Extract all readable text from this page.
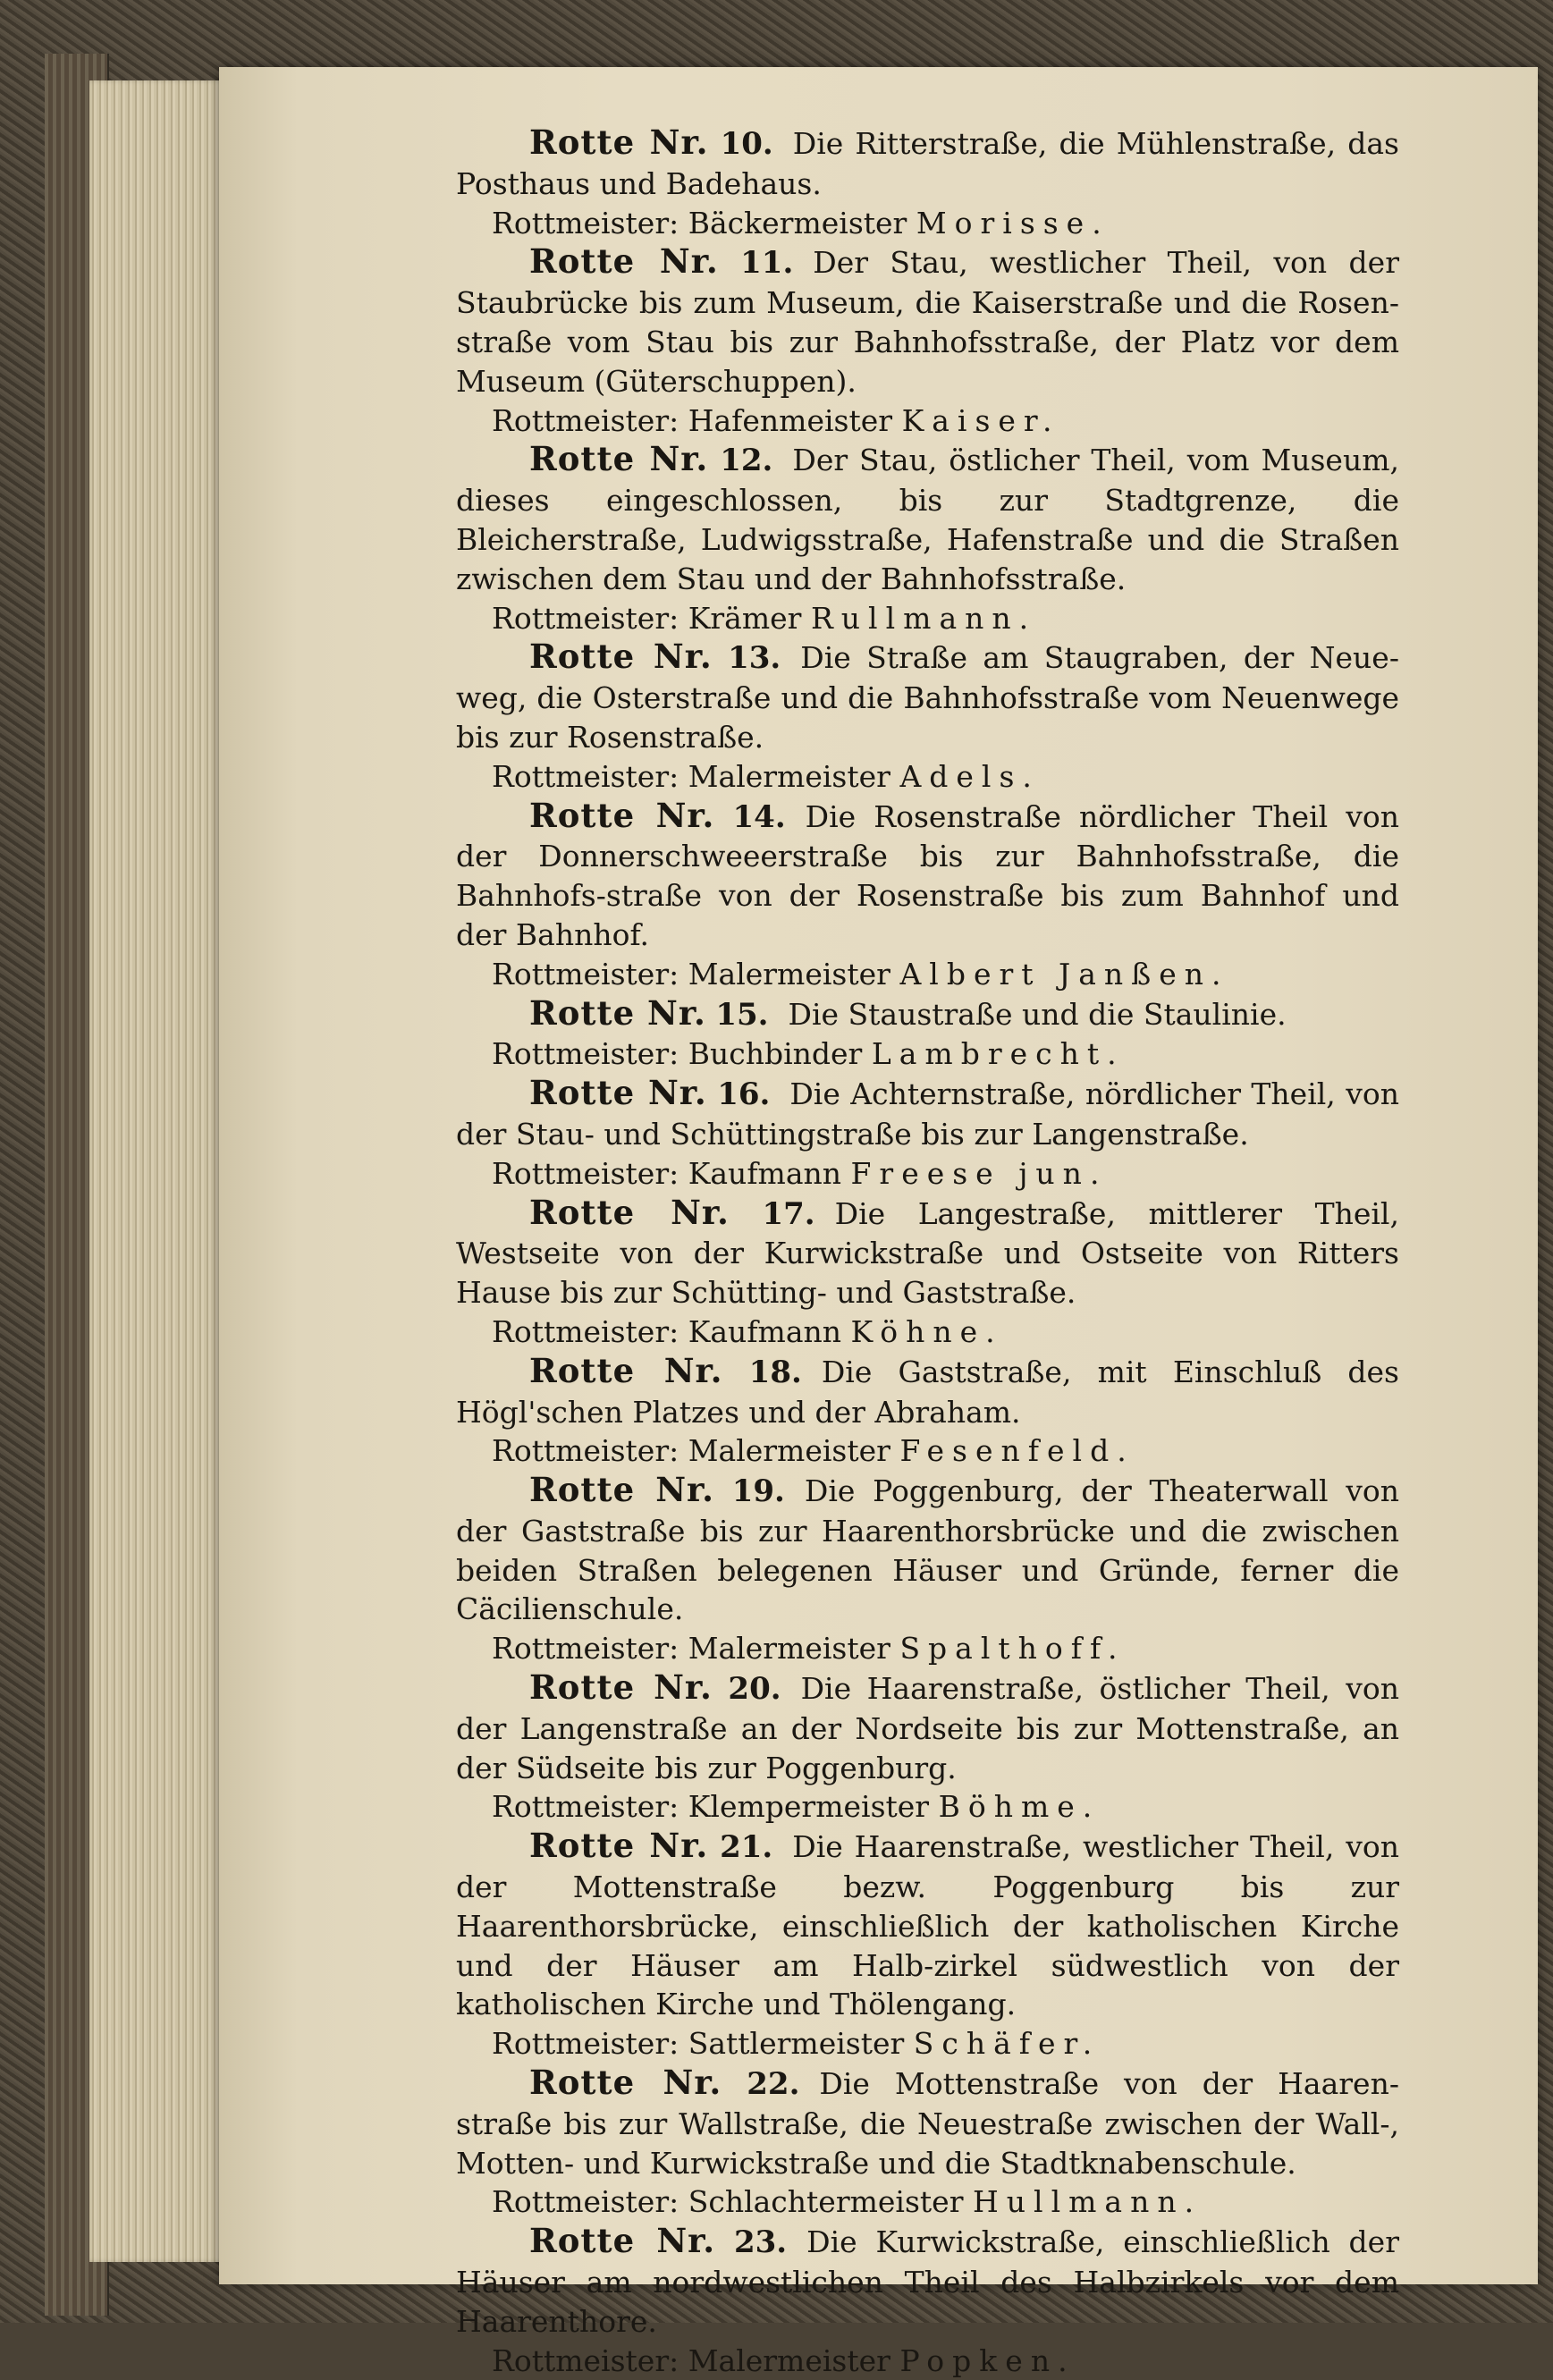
Rotte Nr. 10. Die Ritterstraße, die Mühlenstraße, das Posthaus und Badehaus.

Rottmeister: Bäckermeister Morisse.

Rotte Nr. 11. Der Stau, westlicher Theil, von der Staubrücke bis zum Museum, die Kaiserstraße und die Rosen-straße vom Stau bis zur Bahnhofsstraße, der Platz vor dem Museum (Güterschuppen).

Rottmeister: Hafenmeister Kaiser.

Rotte Nr. 12. Der Stau, östlicher Theil, vom Museum, dieses eingeschlossen, bis zur Stadtgrenze, die Bleicherstraße, Ludwigsstraße, Hafenstraße und die Straßen zwischen dem Stau und der Bahnhofsstraße.

Rottmeister: Krämer Rullmann.

Rotte Nr. 13. Die Straße am Staugraben, der Neue-weg, die Osterstraße und die Bahnhofsstraße vom Neuenwege bis zur Rosenstraße.

Rottmeister: Malermeister Adels.

Rotte Nr. 14. Die Rosenstraße nördlicher Theil von der Donnerschweeerstraße bis zur Bahnhofsstraße, die Bahnhofs-straße von der Rosenstraße bis zum Bahnhof und der Bahnhof.

Rottmeister: Malermeister Albert Janßen.

Rotte Nr. 15. Die Staustraße und die Staulinie.

Rottmeister: Buchbinder Lambrecht.

Rotte Nr. 16. Die Achternstraße, nördlicher Theil, von der Stau- und Schüttingstraße bis zur Langenstraße.

Rottmeister: Kaufmann Freese jun.

Rotte Nr. 17. Die Langestraße, mittlerer Theil, Westseite von der Kurwickstraße und Ostseite von Ritters Hause bis zur Schütting- und Gaststraße.

Rottmeister: Kaufmann Köhne.

Rotte Nr. 18. Die Gaststraße, mit Einschluß des Högl'schen Platzes und der Abraham.

Rottmeister: Malermeister Fesenfeld.

Rotte Nr. 19. Die Poggenburg, der Theaterwall von der Gaststraße bis zur Haarenthorsbrücke und die zwischen beiden Straßen belegenen Häuser und Gründe, ferner die Cäcilienschule.

Rottmeister: Malermeister Spalthoff.

Rotte Nr. 20. Die Haarenstraße, östlicher Theil, von der Langenstraße an der Nordseite bis zur Mottenstraße, an der Südseite bis zur Poggenburg.

Rottmeister: Klempermeister Böhme.

Rotte Nr. 21. Die Haarenstraße, westlicher Theil, von der Mottenstraße bezw. Poggenburg bis zur Haarenthorsbrücke, einschließlich der katholischen Kirche und der Häuser am Halb-zirkel südwestlich von der katholischen Kirche und Thölengang.

Rottmeister: Sattlermeister Schäfer.

Rotte Nr. 22. Die Mottenstraße von der Haaren-straße bis zur Wallstraße, die Neuestraße zwischen der Wall-, Motten- und Kurwickstraße und die Stadtknabenschule.

Rottmeister: Schlachtermeister Hullmann.

Rotte Nr. 23. Die Kurwickstraße, einschließlich der Häuser am nordwestlichen Theil des Halbzirkels vor dem Haarenthore.

Rottmeister: Malermeister Popken.
